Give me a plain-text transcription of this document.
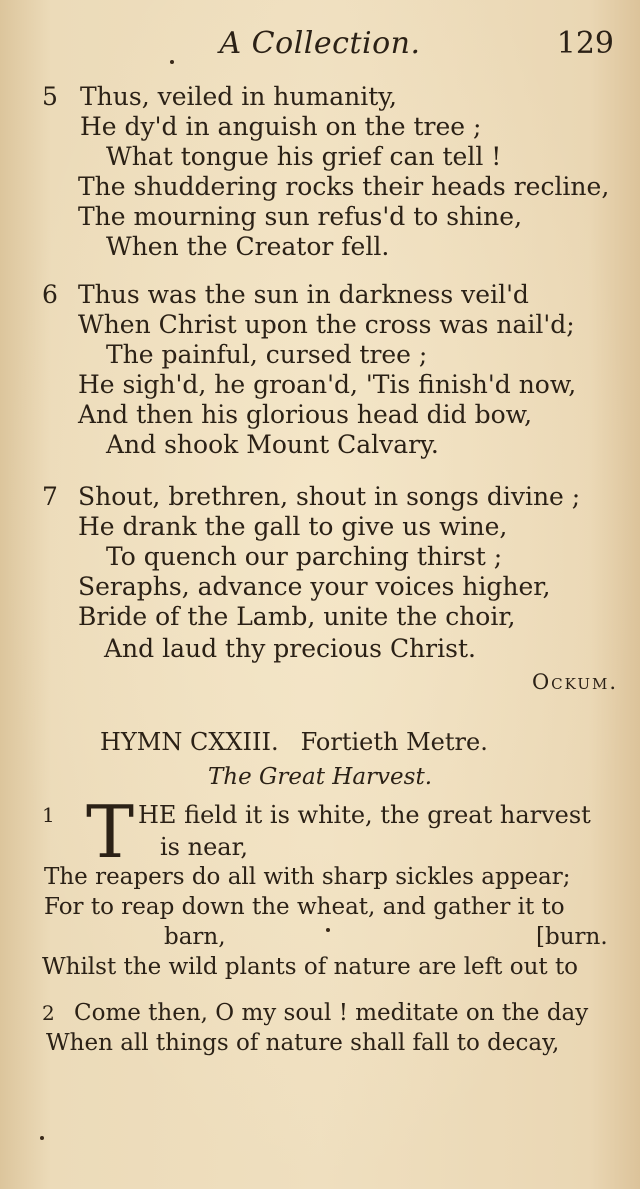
A Collection.	129
5 Thus, veiled in humanity,
He dy'd in anguish on the tree ;
What tongue his grief can tell !
The shuddering rocks their heads recline,
The mourning sun refus'd to shine,
When the Creator fell.
6 Thus was the sun in darkness veil'd
When Christ upon the cross was nail'd;
The painful, cursed tree ;
He sigh'd, he groan'd, 'Tis finish'd now,
And then his glorious head did bow,
And shook Mount Calvary.
7 Shout, brethren, shout in songs divine ;
He drank the gall to give us wine,
To quench our parching thirst ;
Seraphs, advance your voices higher,
Bride of the Lamb, unite the choir,
And laud thy precious Christ.
Ockum.
HYMN CXXIII. Fortieth Metre.
The Great Harvest.
1 T HE field it is white, the great harvest
is near,
The reapers do all with sharp sickles appear;
For to reap down the wheat, and gather it to
barn,	[burn.
Whilst the wild plants of nature are left out to
2 Come then, O my soul ! meditate on the day
When all things of nature shall fall to decay,
